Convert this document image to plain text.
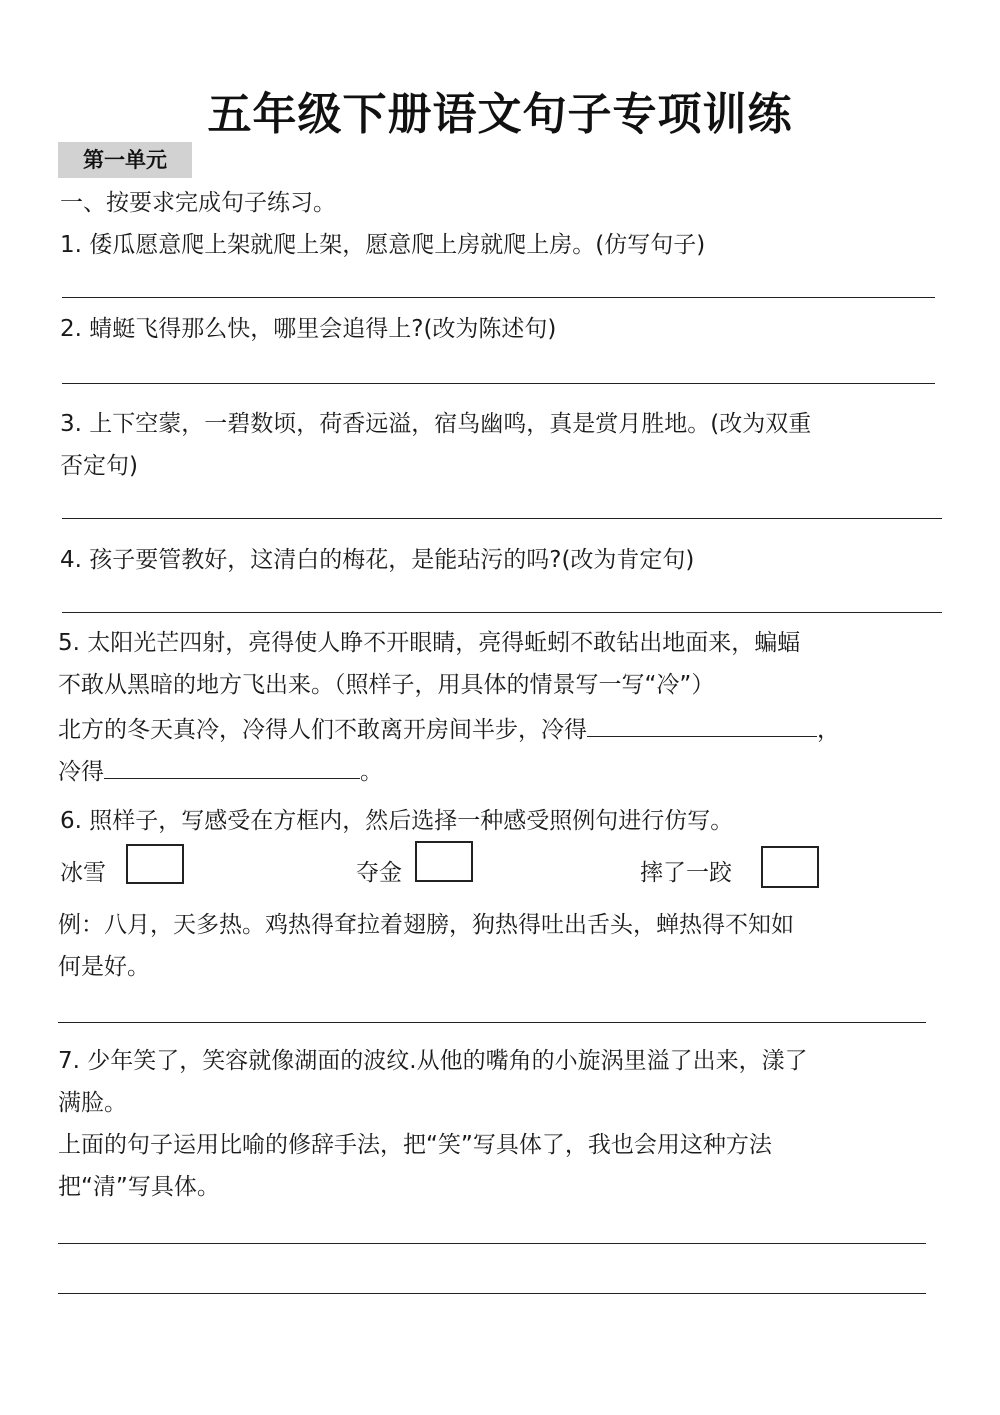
五年级下册语文句子专项训练
第一单元
一、按要求完成句子练习。
1. 倭瓜愿意爬上架就爬上架，愿意爬上房就爬上房。(仿写句子)
2. 蜻蜓飞得那么快，哪里会追得上?(改为陈述句)
3. 上下空蒙，一碧数顷，荷香远溢，宿鸟幽鸣，真是赏月胜地。(改为双重
否定句)
4. 孩子要管教好，这清白的梅花，是能玷污的吗?(改为肯定句)
5. 太阳光芒四射，亮得使人睁不开眼睛，亮得蚯蚓不敢钻出地面来，蝙蝠
不敢从黑暗的地方飞出来。（照样子，用具体的情景写一写“冷”）
北方的冬天真冷，冷得人们不敢离开房间半步，冷得	，
冷得	。
6. 照样子，写感受在方框内，然后选择一种感受照例句进行仿写。
冰雪	夺金	摔了一跤
例：八月，天多热。鸡热得耷拉着翅膀，狗热得吐出舌头，蝉热得不知如
何是好。
7. 少年笑了，笑容就像湖面的波纹.从他的嘴角的小旋涡里溢了出来，漾了
满脸。
上面的句子运用比喻的修辞手法，把“笑”写具体了，我也会用这种方法
把“清”写具体。
